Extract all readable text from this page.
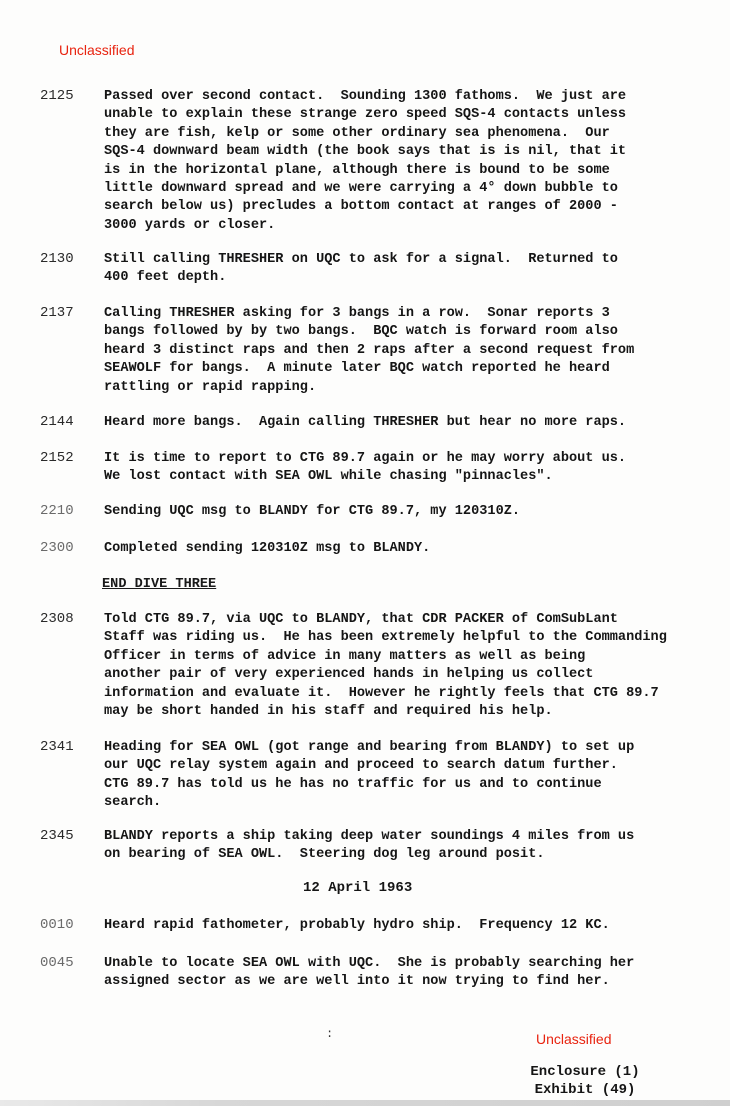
Unclassified

2125 Passed over second contact.  Sounding 1300 fathoms.  We just are
unable to explain these strange zero speed SQS-4 contacts unless
they are fish, kelp or some other ordinary sea phenomena.  Our
SQS-4 downward beam width (the book says that is is nil, that it
is in the horizontal plane, although there is bound to be some
little downward spread and we were carrying a 4° down bubble to
search below us) precludes a bottom contact at ranges of 2000 -
3000 yards or closer.

2130 Still calling THRESHER on UQC to ask for a signal.  Returned to
400 feet depth.

2137 Calling THRESHER asking for 3 bangs in a row.  Sonar reports 3
bangs followed by by two bangs.  BQC watch is forward room also
heard 3 distinct raps and then 2 raps after a second request from
SEAWOLF for bangs.  A minute later BQC watch reported he heard
rattling or rapid rapping.

2144 Heard more bangs.  Again calling THRESHER but hear no more raps.

2152 It is time to report to CTG 89.7 again or he may worry about us.
We lost contact with SEA OWL while chasing "pinnacles".

2210 Sending UQC msg to BLANDY for CTG 89.7, my 120310Z.

2300 Completed sending 120310Z msg to BLANDY.

END DIVE THREE
2308 Told CTG 89.7, via UQC to BLANDY, that CDR PACKER of ComSubLant
Staff was riding us.  He has been extremely helpful to the Commanding
Officer in terms of advice in many matters as well as being
another pair of very experienced hands in helping us collect
information and evaluate it.  However he rightly feels that CTG 89.7
may be short handed in his staff and required his help.

2341 Heading for SEA OWL (got range and bearing from BLANDY) to set up
our UQC relay system again and proceed to search datum further.
CTG 89.7 has told us he has no traffic for us and to continue
search.

2345 BLANDY reports a ship taking deep water soundings 4 miles from us
on bearing of SEA OWL.  Steering dog leg around posit.

12 April 1963
0010 Heard rapid fathometer, probably hydro ship.  Frequency 12 KC.

0045 Unable to locate SEA OWL with UQC.  She is probably searching her
assigned sector as we are well into it now trying to find her.

:	Unclassified

Enclosure (1)
Exhibit (49)
